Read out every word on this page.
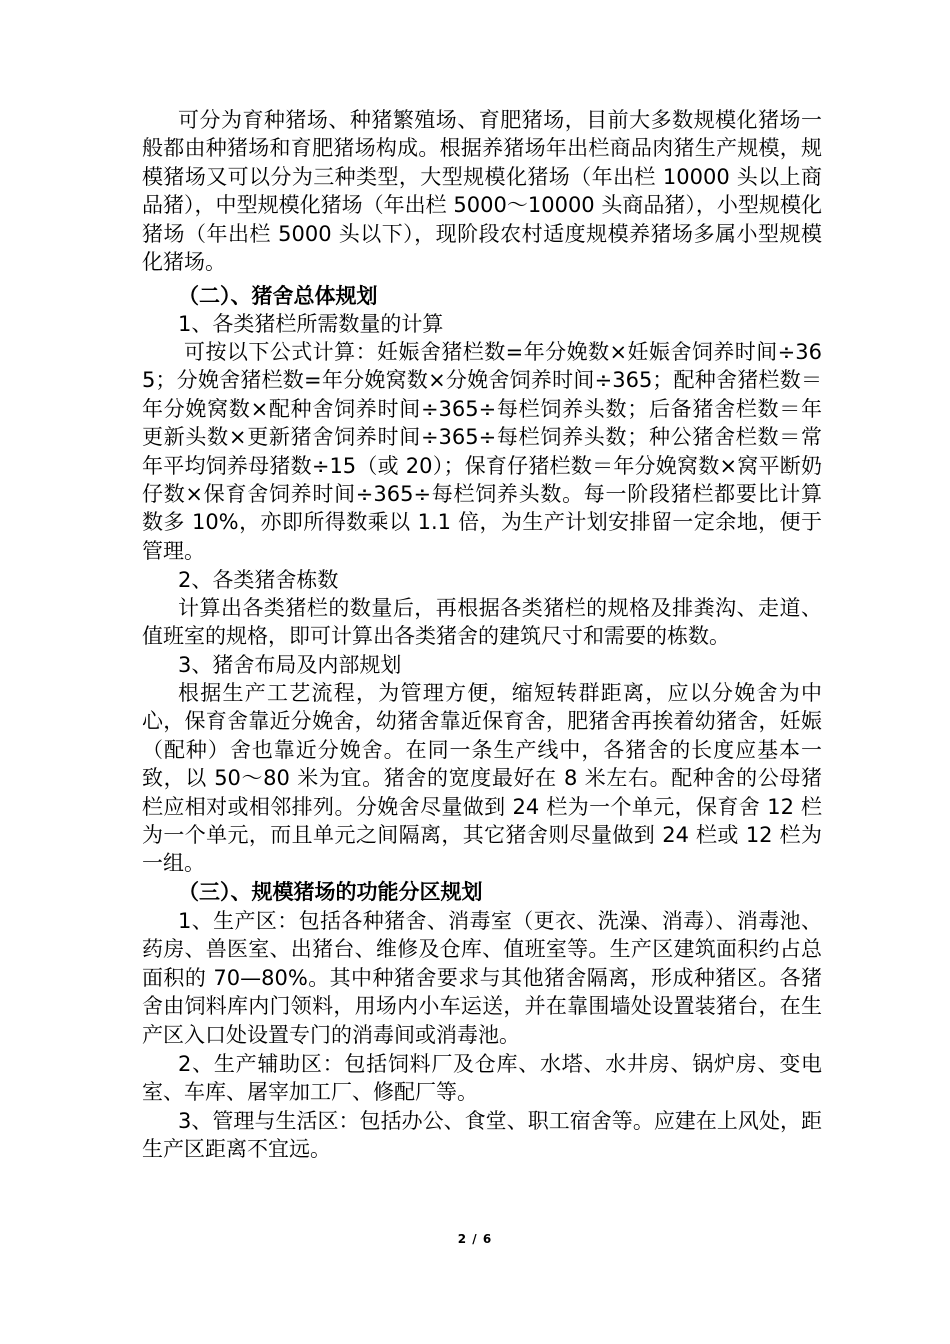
可分为育种猪场、种猪繁殖场、育肥猪场，目前大多数规模化猪场一般都由种猪场和育肥猪场构成。根据养猪场年出栏商品肉猪生产规模，规模猪场又可以分为三种类型，大型规模化猪场（年出栏 10000 头以上商品猪），中型规模化猪场（年出栏 5000～10000 头商品猪），小型规模化猪场（年出栏 5000 头以下），现阶段农村适度规模养猪场多属小型规模化猪场。

（二）、猪舍总体规划

1、各类猪栏所需数量的计算

可按以下公式计算：妊娠舍猪栏数=年分娩数×妊娠舍饲养时间÷365；分娩舍猪栏数=年分娩窝数×分娩舍饲养时间÷365；配种舍猪栏数＝年分娩窝数×配种舍饲养时间÷365÷每栏饲养头数；后备猪舍栏数＝年更新头数×更新猪舍饲养时间÷365÷每栏饲养头数；种公猪舍栏数＝常年平均饲养母猪数÷15（或 20）；保育仔猪栏数＝年分娩窝数×窝平断奶仔数×保育舍饲养时间÷365÷每栏饲养头数。每一阶段猪栏都要比计算数多 10%，亦即所得数乘以 1.1 倍，为生产计划安排留一定余地，便于管理。

2、各类猪舍栋数

计算出各类猪栏的数量后，再根据各类猪栏的规格及排粪沟、走道、值班室的规格，即可计算出各类猪舍的建筑尺寸和需要的栋数。

3、猪舍布局及内部规划

根据生产工艺流程，为管理方便，缩短转群距离，应以分娩舍为中心，保育舍靠近分娩舍，幼猪舍靠近保育舍，肥猪舍再挨着幼猪舍，妊娠（配种）舍也靠近分娩舍。在同一条生产线中，各猪舍的长度应基本一致，以 50～80 米为宜。猪舍的宽度最好在 8 米左右。配种舍的公母猪栏应相对或相邻排列。分娩舍尽量做到 24 栏为一个单元，保育舍 12 栏为一个单元，而且单元之间隔离，其它猪舍则尽量做到 24 栏或 12 栏为一组。

（三）、规模猪场的功能分区规划

1、生产区：包括各种猪舍、消毒室（更衣、洗澡、消毒）、消毒池、药房、兽医室、出猪台、维修及仓库、值班室等。生产区建筑面积约占总面积的 70—80%。其中种猪舍要求与其他猪舍隔离，形成种猪区。各猪舍由饲料库内门领料，用场内小车运送，并在靠围墙处设置装猪台，在生产区入口处设置专门的消毒间或消毒池。

2、生产辅助区：包括饲料厂及仓库、水塔、水井房、锅炉房、变电室、车库、屠宰加工厂、修配厂等。

3、管理与生活区：包括办公、食堂、职工宿舍等。应建在上风处，距生产区距离不宜远。

2 / 6
